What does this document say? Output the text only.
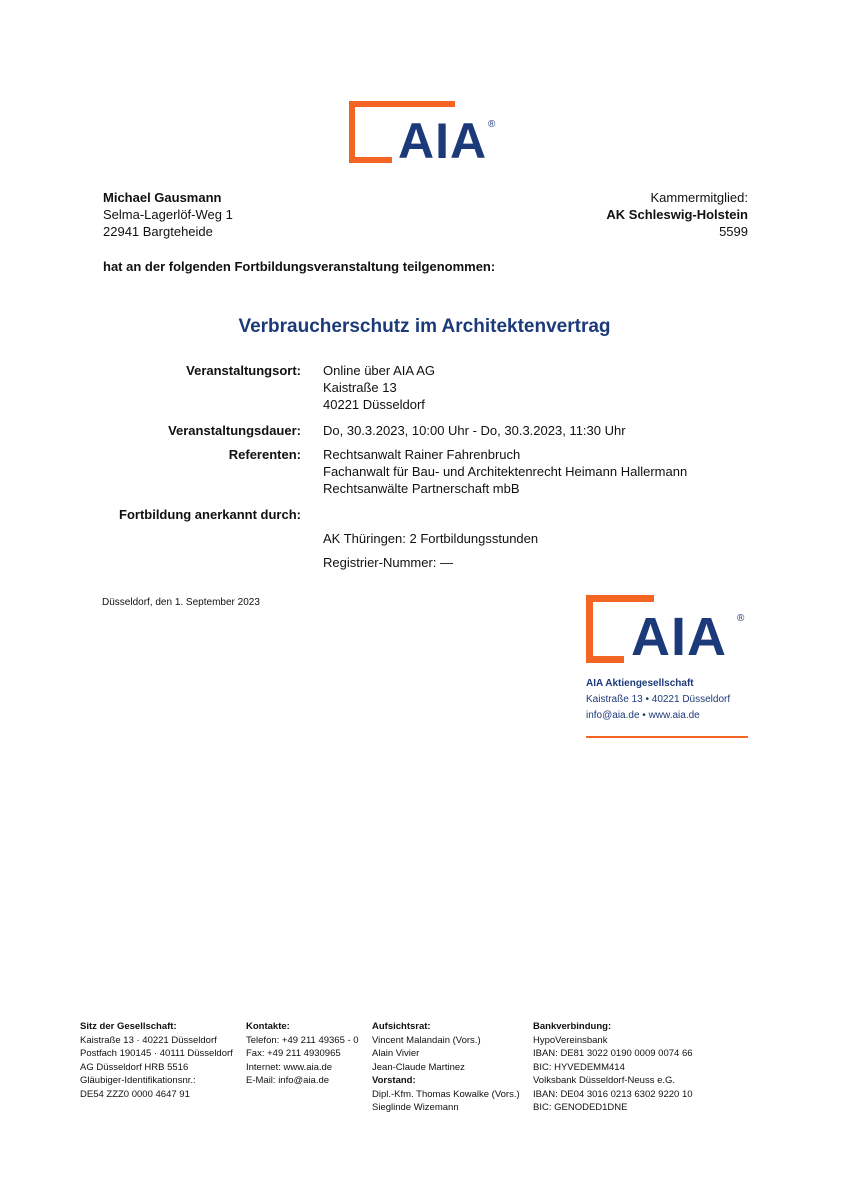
AIA ®
Michael Gausmann
Selma-Lagerlöf-Weg 1
22941 Bargteheide
Kammermitglied:
AK Schleswig-Holstein
5599
hat an der folgenden Fortbildungsveranstaltung teilgenommen:
Verbraucherschutz im Architektenvertrag
Veranstaltungsort: Online über AIA AG
Kaistraße 13
40221 Düsseldorf
Veranstaltungsdauer: Do, 30.3.2023, 10:00 Uhr - Do, 30.3.2023, 11:30 Uhr
Referenten: Rechtsanwalt Rainer Fahrenbruch
Fachanwalt für Bau- und Architektenrecht Heimann Hallermann
Rechtsanwälte Partnerschaft mbB
Fortbildung anerkannt durch:
AK Thüringen: 2 Fortbildungsstunden
Registrier-Nummer: —
Düsseldorf, den 1. September 2023
AIA ®
AIA Aktiengesellschaft
Kaistraße 13 • 40221 Düsseldorf
info@aia.de • www.aia.de
Sitz der Gesellschaft:
Kaistraße 13 · 40221 Düsseldorf
Postfach 190145 · 40111 Düsseldorf
AG Düsseldorf HRB 5516
Gläubiger-Identifikationsnr.:
DE54 ZZZ0 0000 4647 91
Kontakte:
Telefon: +49 211 49365 - 0
Fax: +49 211 4930965
Internet: www.aia.de
E-Mail: info@aia.de
Aufsichtsrat:
Vincent Malandain (Vors.)
Alain Vivier
Jean-Claude Martinez
Vorstand:
Dipl.-Kfm. Thomas Kowalke (Vors.)
Sieglinde Wizemann
Bankverbindung:
HypoVereinsbank
IBAN: DE81 3022 0190 0009 0074 66
BIC: HYVEDEMM414
Volksbank Düsseldorf-Neuss e.G.
IBAN: DE04 3016 0213 6302 9220 10
BIC: GENODED1DNE
